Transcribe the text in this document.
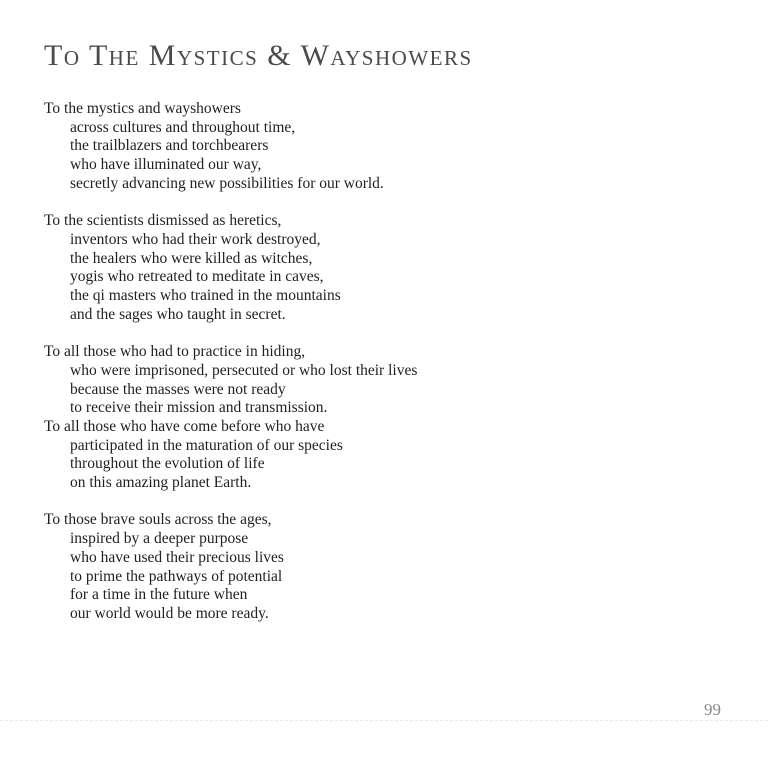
To The Mystics & Wayshowers
To the mystics and wayshowers
across cultures and throughout time,
the trailblazers and torchbearers
who have illuminated our way,
secretly advancing new possibilities for our world.
To the scientists dismissed as heretics,
inventors who had their work destroyed,
the healers who were killed as witches,
yogis who retreated to meditate in caves,
the qi masters who trained in the mountains
and the sages who taught in secret.
To all those who had to practice in hiding,
who were imprisoned, persecuted or who lost their lives
because the masses were not ready
to receive their mission and transmission.
To all those who have come before who have
participated in the maturation of our species
throughout the evolution of life
on this amazing planet Earth.
To those brave souls across the ages,
inspired by a deeper purpose
who have used their precious lives
to prime the pathways of potential
for a time in the future when
our world would be more ready.
99
